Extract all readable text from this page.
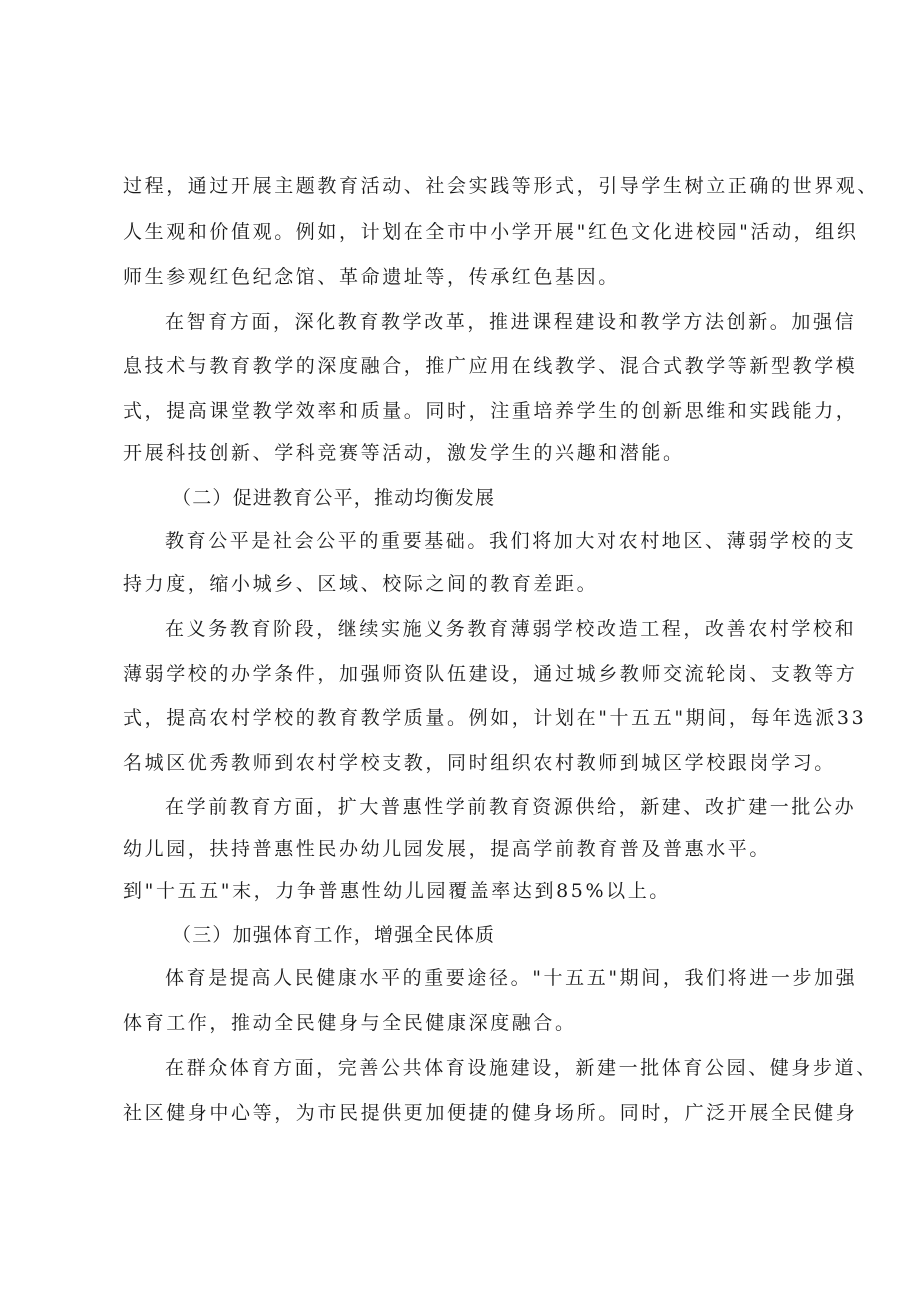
过程，通过开展主题教育活动、社会实践等形式，引导学生树立正确的世界观、
人生观和价值观。例如，计划在全市中小学开展"红色文化进校园"活动，组织
师生参观红色纪念馆、革命遗址等，传承红色基因。
在智育方面，深化教育教学改革，推进课程建设和教学方法创新。加强信
息技术与教育教学的深度融合，推广应用在线教学、混合式教学等新型教学模
式，提高课堂教学效率和质量。同时，注重培养学生的创新思维和实践能力，
开展科技创新、学科竞赛等活动，激发学生的兴趣和潜能。
（二）促进教育公平，推动均衡发展
教育公平是社会公平的重要基础。我们将加大对农村地区、薄弱学校的支
持力度，缩小城乡、区域、校际之间的教育差距。
在义务教育阶段，继续实施义务教育薄弱学校改造工程，改善农村学校和
薄弱学校的办学条件，加强师资队伍建设，通过城乡教师交流轮岗、支教等方
式，提高农村学校的教育教学质量。例如，计划在"十五五"期间，每年选派33
名城区优秀教师到农村学校支教，同时组织农村教师到城区学校跟岗学习。
在学前教育方面，扩大普惠性学前教育资源供给，新建、改扩建一批公办
幼儿园，扶持普惠性民办幼儿园发展，提高学前教育普及普惠水平。
到"十五五"末，力争普惠性幼儿园覆盖率达到85%以上。
（三）加强体育工作，增强全民体质
体育是提高人民健康水平的重要途径。"十五五"期间，我们将进一步加强
体育工作，推动全民健身与全民健康深度融合。
在群众体育方面，完善公共体育设施建设，新建一批体育公园、健身步道、
社区健身中心等，为市民提供更加便捷的健身场所。同时，广泛开展全民健身
